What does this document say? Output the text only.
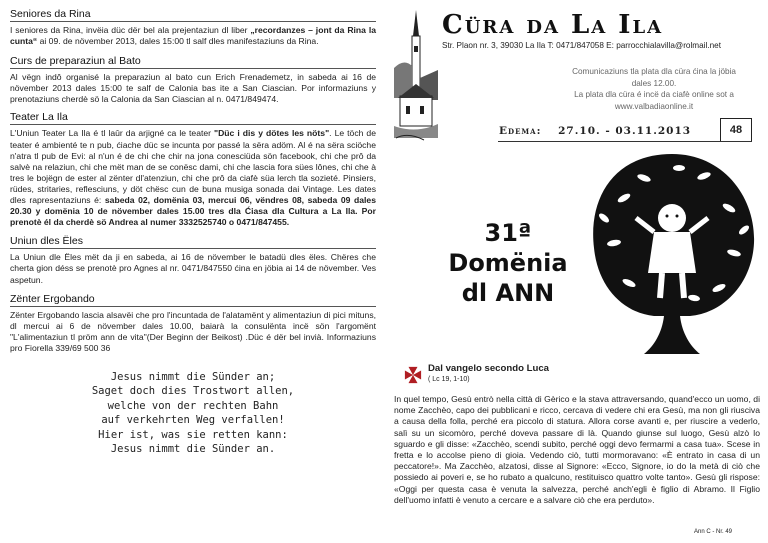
Seniores da Rina

I seniores da Rina, invëia düc dër bel ala prejentaziun dl liber „recordanzes – jont da Rina la cunta“ ai 09. de növember 2013, dales 15:00 tl salf dles manifestaziuns da Rina.

Curs de preparaziun al Bato

Al vëgn indô organisé la preparaziun al bato cun Erich Frenademetz, in sabeda ai 16 de növember 2013 dales 15:00 te salf de Calonia bas ite a San Ciascian. Por informaziuns y prenotaziuns cherdè sö la Calonia da San Ciascian al n. 0471/849474.

Teater La Ila

L'Uniun Teater La Ila é tl laûr da arjigné ca le teater "Düc i dis y dötes les nöts". Le töch de teater é ambienté te n pub, ćiache düc se incunta por passé la sëra adöm. Al é na sëra sciöche n'atra tl pub de Evi: al n'un é de chi che chir na jona conesciüda sön facebook, chi che prô da salvè na relaziun, chi che mët man de se conësc dami, chi che lascia fora sües lônes, chi che à tres le bojëgn de ester al zënter dl'atenziun, chi che prô da ciafè süa lerch tla sozieté. Pinsiers, rüdes, stritaries, reflesciuns, y döt chësc cun de buna musiga sonada dai Vintage. Les dates dles rapresentaziuns é: sabeda 02, domënia 03, mercui 06, vëndres 08, sabeda 09 dales 20.30 y domënia 10 de növember dales 15.00 tres dla Ćiasa dla Cultura a La Ila. Por prenotè él da cherdè sö Andrea al numer 3332525740 o 0471/847455.

Uniun dles Ëles

La Uniun dle Ëles mët da ji en sabeda, ai 16 de növember le batadü dles ëles. Chëres che cherta gion déss se prenotè pro Agnes al nr. 0471/847550 ćina en jöbia ai 14 de növember. Ves aspetun.

Zënter Ergobando

Zënter Ergobando lascia alsavëi che pro l'incuntada de l'alatamënt y alimentaziun di pici mituns, dl mercui ai 6 de növember dales 10.00, baiarà la consulënta incë sön l'argomënt "L'alimentaziun tl pröm ann de vita"(Der Beginn der Beikost) .Düc é dër bel invià. Informaziuns pro Fiorella 339/69 500 36

Jesus nimmt die Sünder an;
Saget doch dies Trostwort allen,
welche von der rechten Bahn
auf verkehrten Weg verfallen!
Hier ist, was sie retten kann:
Jesus nimmt die Sünder an.
Cüra da La Ila
Str. Plaon nr. 3, 39030 La Ila T: 0471/847058 E: parrocchialavilla@rolmail.net
Comunicaziuns tla plata dla cüra ćina la jöbia
dales 12.00.
La plata dla cüra é incë da ciafè online sot a
www.valbadiaonline.it
Edema: 27.10. - 03.11.2013	48
31ª
Domënia
dl ANN
Dal vangelo secondo Luca
( Lc 19, 1-10)
In quel tempo, Gesù entrò nella città di Gèrico e la stava attraversando, quand'ecco un uomo, di nome Zacchèo, capo dei pubblicani e ricco, cercava di vedere chi era Gesù, ma non gli riusciva a causa della folla, perché era piccolo di statura. Allora corse avanti e, per riuscire a vederlo, salì su un sicomòro, perché doveva passare di là. Quando giunse sul luogo, Gesù alzò lo sguardo e gli disse: «Zacchèo, scendi subito, perché oggi devo fermarmi a casa tua». Scese in fretta e lo accolse pieno di gioia. Vedendo ciò, tutti mormoravano: «È entrato in casa di un peccatore!». Ma Zacchèo, alzatosi, disse al Signore: «Ecco, Signore, io do la metà di ciò che possiedo ai poveri e, se ho rubato a qualcuno, restituisco quattro volte tanto». Gesù gli rispose: «Oggi per questa casa è venuta la salvezza, perché anch'egli è figlio di Abramo. Il Figlio dell'uomo infatti è venuto a cercare e a salvare ciò che era perduto».
Ann C - Nr. 49
